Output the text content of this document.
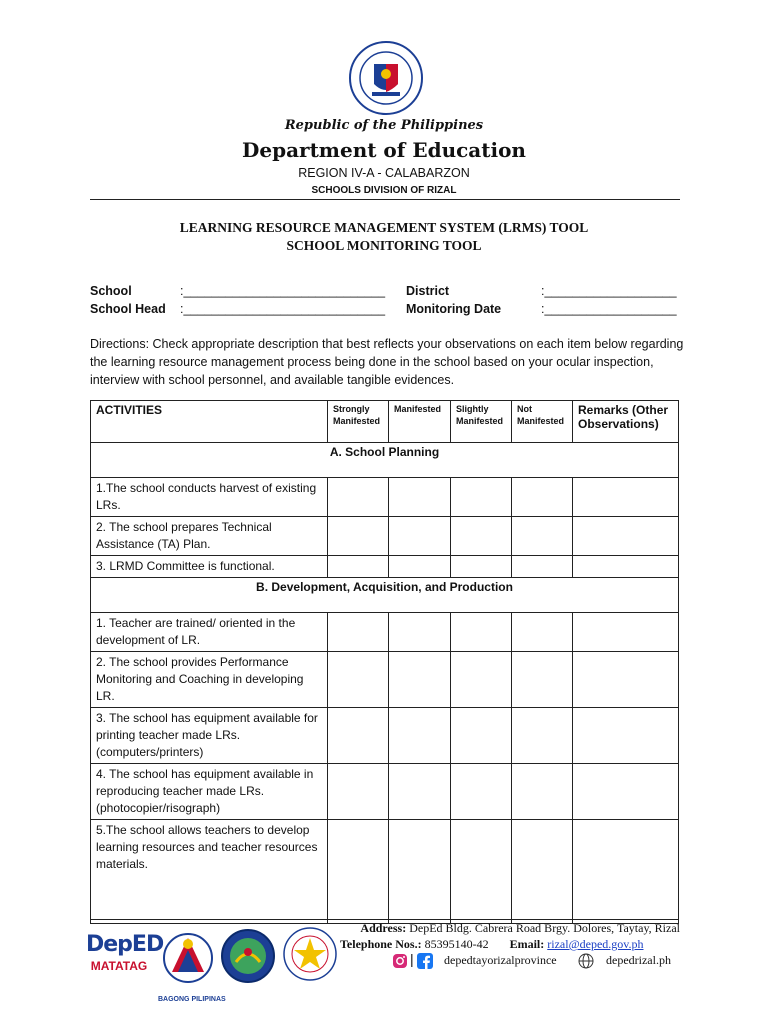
Republic of the Philippines
Department of Education
REGION IV-A - CALABARZON
SCHOOLS DIVISION OF RIZAL
LEARNING RESOURCE MANAGEMENT SYSTEM (LRMS) TOOL
SCHOOL MONITORING TOOL
School	:_____________________________
School Head :_____________________________
District	:___________________
Monitoring Date	:___________________
Directions: Check appropriate description that best reflects your observations on each item below regarding the learning resource management process being done in the school based on your ocular inspection, interview with school personnel, and available tangible evidences.
ACTIVITIES	Strongly Manifested	Manifested	Slightly Manifested	Not Manifested	Remarks (Other Observations)
A. School Planning					
1.The school conducts harvest of existing LRs.					
2. The school prepares Technical Assistance (TA) Plan.					
3. LRMD Committee is functional.					
B. Development, Acquisition, and Production					
1. Teacher are trained/ oriented in the development of LR.					
2. The school provides Performance Monitoring and Coaching in developing LR.					
3. The school has equipment available for printing teacher made LRs. (computers/printers)					
4. The school has equipment available in reproducing teacher made LRs. (photocopier/risograph)					
5.The school allows teachers to develop learning resources and teacher resources materials.					
DepED
MATATAG
BAGONG PILIPINAS
Address: DepEd Bldg. Cabrera Road Brgy. Dolores, Taytay, Rizal
Telephone Nos.: 85395140-42 Email: rizal@deped.gov.ph
|	depedtayorizalprovince	depedrizal.ph
